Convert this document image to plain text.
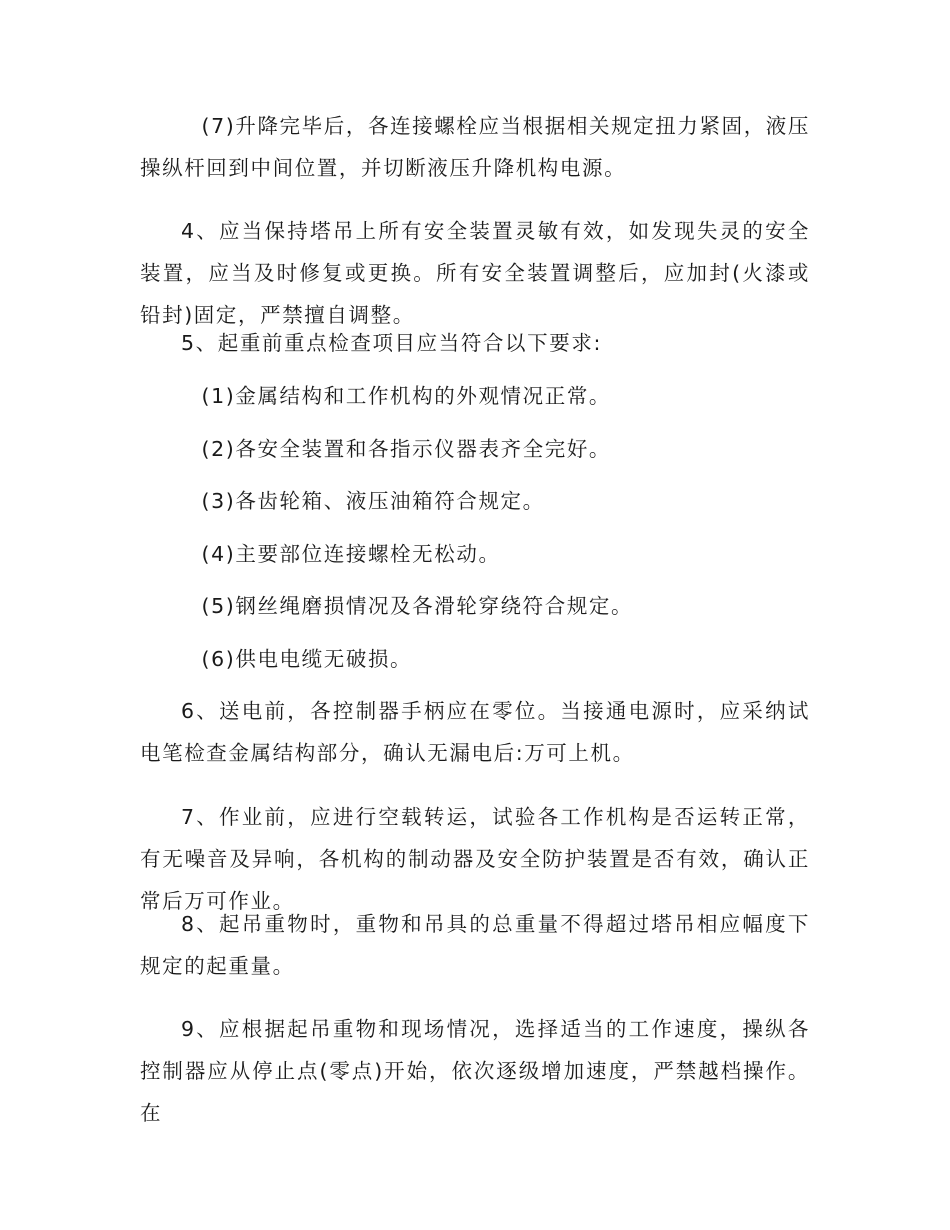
(7)升降完毕后，各连接螺栓应当根据相关规定扭力紧固，液压操纵杆回到中间位置，并切断液压升降机构电源。

4、应当保持塔吊上所有安全装置灵敏有效，如发现失灵的安全装置，应当及时修复或更换。所有安全装置调整后，应加封(火漆或铅封)固定，严禁擅自调整。

5、起重前重点检查项目应当符合以下要求:

(1)金属结构和工作机构的外观情况正常。

(2)各安全装置和各指示仪器表齐全完好。

(3)各齿轮箱、液压油箱符合规定。

(4)主要部位连接螺栓无松动。

(5)钢丝绳磨损情况及各滑轮穿绕符合规定。

(6)供电电缆无破损。

6、送电前，各控制器手柄应在零位。当接通电源时，应采纳试电笔检查金属结构部分，确认无漏电后:万可上机。

7、作业前，应进行空载转运，试验各工作机构是否运转正常，有无噪音及异响，各机构的制动器及安全防护装置是否有效，确认正常后万可作业。

8、起吊重物时，重物和吊具的总重量不得超过塔吊相应幅度下规定的起重量。

9、应根据起吊重物和现场情况，选择适当的工作速度，操纵各控制器应从停止点(零点)开始，依次逐级增加速度，严禁越档操作。在
